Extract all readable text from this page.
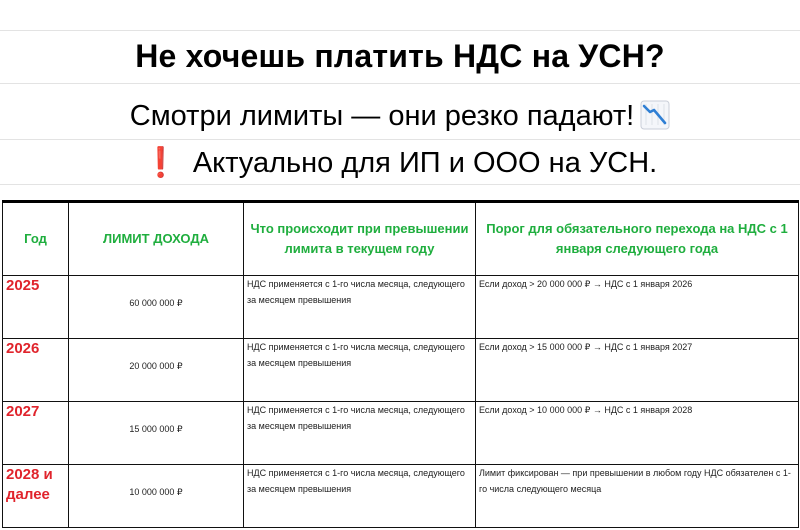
Не хочешь платить НДС на УСН?
Смотри лимиты — они резко падают!
❗ Актуально для ИП и ООО на УСН.
Год	ЛИМИТ ДОХОДА	Что происходит при превышении лимита в текущем году	Порог для обязательного перехода на НДС с 1 января следующего года
2025	60 000 000 ₽	НДС применяется с 1-го числа месяца, следующего за месяцем превышения	Если доход > 20 000 000 ₽ → НДС с 1 января 2026
2026	20 000 000 ₽	НДС применяется с 1-го числа месяца, следующего за месяцем превышения	Если доход > 15 000 000 ₽ → НДС с 1 января 2027
2027	15 000 000 ₽	НДС применяется с 1-го числа месяца, следующего за месяцем превышения	Если доход > 10 000 000 ₽ → НДС с 1 января 2028
2028 и далее	10 000 000 ₽	НДС применяется с 1-го числа месяца, следующего за месяцем превышения	Лимит фиксирован — при превышении в любом году НДС обязателен с 1-го числа следующего месяца
